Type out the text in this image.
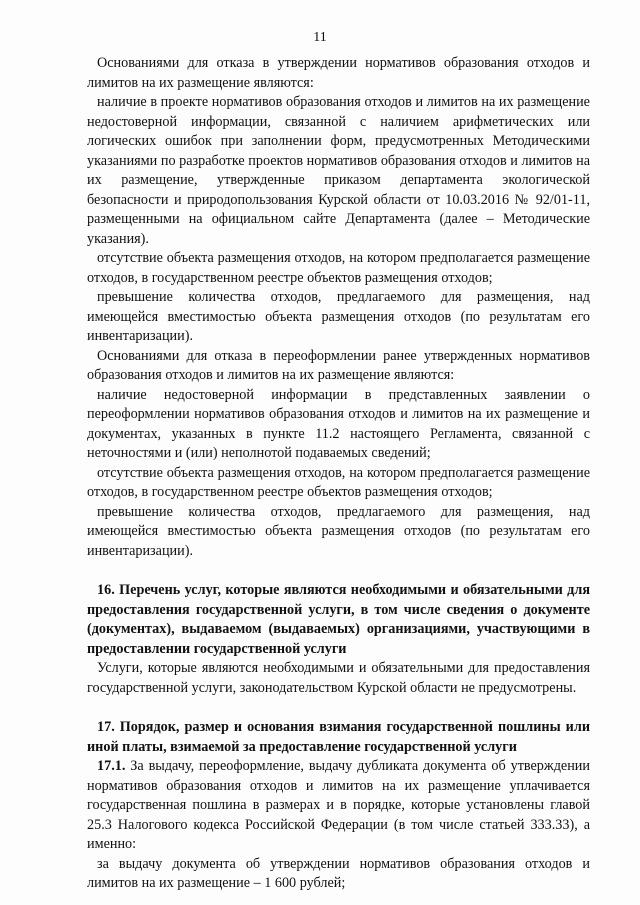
11

Основаниями для отказа в утверждении нормативов образования отходов и лимитов на их размещение являются:

наличие в проекте нормативов образования отходов и лимитов на их размещение недостоверной информации, связанной с наличием арифметических или логических ошибок при заполнении форм, предусмотренных Методическими указаниями по разработке проектов нормативов образования отходов и лимитов на их размещение, утвержденные приказом департамента экологической безопасности и природопользования Курской области от 10.03.2016 № 92/01-11, размещенными на официальном сайте Департамента (далее – Методические указания).

отсутствие объекта размещения отходов, на котором предполагается размещение отходов, в государственном реестре объектов размещения отходов;

превышение количества отходов, предлагаемого для размещения, над имеющейся вместимостью объекта размещения отходов (по результатам его инвентаризации).

Основаниями для отказа в переоформлении ранее утвержденных нормативов образования отходов и лимитов на их размещение являются:

наличие недостоверной информации в представленных заявлении о переоформлении нормативов образования отходов и лимитов на их размещение и документах, указанных в пункте 11.2 настоящего Регламента, связанной с неточностями и (или) неполнотой подаваемых сведений;

отсутствие объекта размещения отходов, на котором предполагается размещение отходов, в государственном реестре объектов размещения отходов;

превышение количества отходов, предлагаемого для размещения, над имеющейся вместимостью объекта размещения отходов (по результатам его инвентаризации).

16. Перечень услуг, которые являются необходимыми и обязательными для предоставления государственной услуги, в том числе сведения о документе (документах), выдаваемом (выдаваемых) организациями, участвующими в предоставлении государственной услуги

Услуги, которые являются необходимыми и обязательными для предоставления государственной услуги, законодательством Курской области не предусмотрены.

17. Порядок, размер и основания взимания государственной пошлины или иной платы, взимаемой за предоставление государственной услуги

17.1. За выдачу, переоформление, выдачу дубликата документа об утверждении нормативов образования отходов и лимитов на их размещение уплачивается государственная пошлина в размерах и в порядке, которые установлены главой 25.3 Налогового кодекса Российской Федерации (в том числе статьей 333.33), а именно:

за выдачу документа об утверждении нормативов образования отходов и лимитов на их размещение – 1 600 рублей;
